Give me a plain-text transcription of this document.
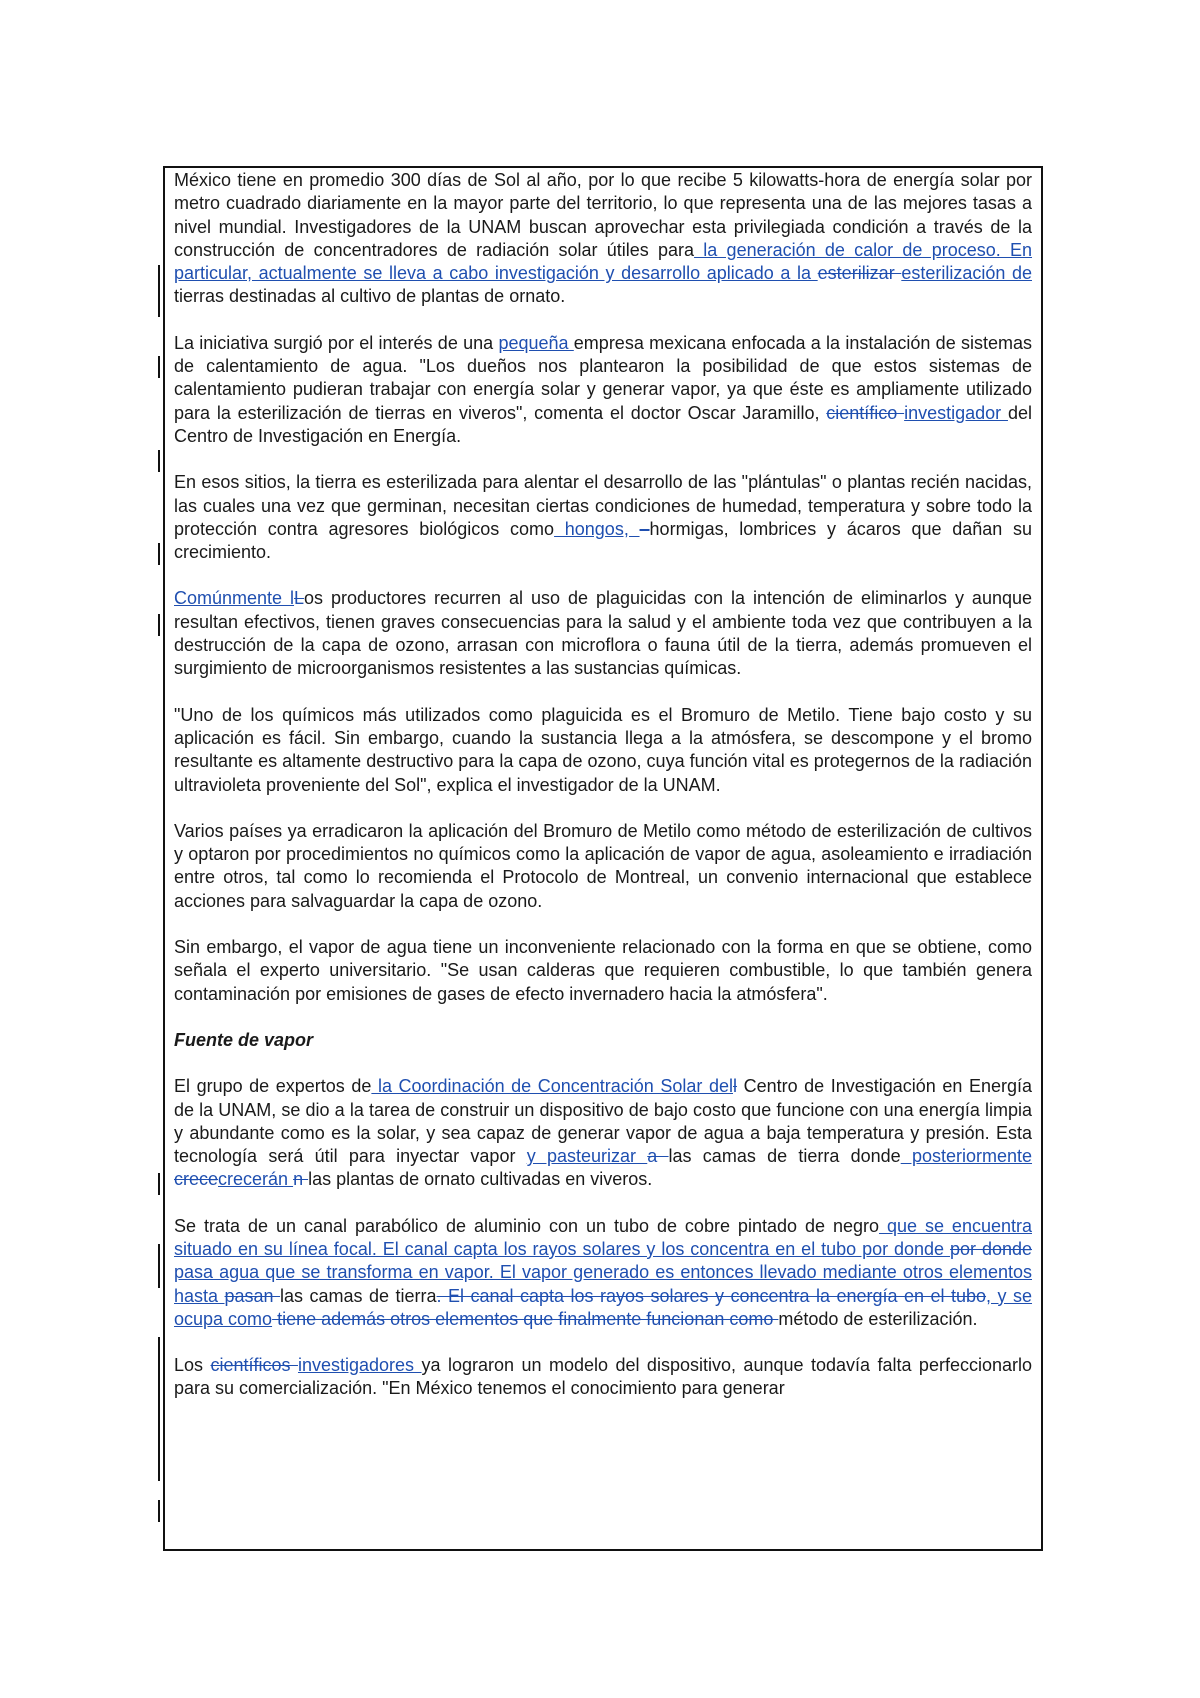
México tiene en promedio 300 días de Sol al año, por lo que recibe 5 kilowatts-hora de energía solar por metro cuadrado diariamente en la mayor parte del territorio, lo que representa una de las mejores tasas a nivel mundial. Investigadores de la UNAM buscan aprovechar esta privilegiada condición a través de la construcción de concentradores de radiación solar útiles para la generación de calor de proceso. En particular, actualmente se lleva a cabo investigación y desarrollo aplicado a la esterilizar esterilización de tierras destinadas al cultivo de plantas de ornato.

La iniciativa surgió por el interés de una pequeña empresa mexicana enfocada a la instalación de sistemas de calentamiento de agua. "Los dueños nos plantearon la posibilidad de que estos sistemas de calentamiento pudieran trabajar con energía solar y generar vapor, ya que éste es ampliamente utilizado para la esterilización de tierras en viveros", comenta el doctor Oscar Jaramillo, científico investigador del Centro de Investigación en Energía.

En esos sitios, la tierra es esterilizada para alentar el desarrollo de las "plántulas" o plantas recién nacidas, las cuales una vez que germinan, necesitan ciertas condiciones de humedad, temperatura y sobre todo la protección contra agresores biológicos como hongos, –hormigas, lombrices y ácaros que dañan su crecimiento.

Comúnmente lLos productores recurren al uso de plaguicidas con la intención de eliminarlos y aunque resultan efectivos, tienen graves consecuencias para la salud y el ambiente toda vez que contribuyen a la destrucción de la capa de ozono, arrasan con microflora o fauna útil de la tierra, además promueven el surgimiento de microorganismos resistentes a las sustancias químicas.

"Uno de los químicos más utilizados como plaguicida es el Bromuro de Metilo. Tiene bajo costo y su aplicación es fácil. Sin embargo, cuando la sustancia llega a la atmósfera, se descompone y el bromo resultante es altamente destructivo para la capa de ozono, cuya función vital es protegernos de la radiación ultravioleta proveniente del Sol", explica el investigador de la UNAM.

Varios países ya erradicaron la aplicación del Bromuro de Metilo como método de esterilización de cultivos y optaron por procedimientos no químicos como la aplicación de vapor de agua, asoleamiento e irradiación entre otros, tal como lo recomienda el Protocolo de Montreal, un convenio internacional que establece acciones para salvaguardar la capa de ozono.

Sin embargo, el vapor de agua tiene un inconveniente relacionado con la forma en que se obtiene, como señala el experto universitario. "Se usan calderas que requieren combustible, lo que también genera contaminación por emisiones de gases de efecto invernadero hacia la atmósfera".

Fuente de vapor

El grupo de expertos de la Coordinación de Concentración Solar dell Centro de Investigación en Energía de la UNAM, se dio a la tarea de construir un dispositivo de bajo costo que funcione con una energía limpia y abundante como es la solar, y sea capaz de generar vapor de agua a baja temperatura y presión. Esta tecnología será útil para inyectar vapor y pasteurizar a las camas de tierra donde posteriormente crececrecerán n las plantas de ornato cultivadas en viveros.

Se trata de un canal parabólico de aluminio con un tubo de cobre pintado de negro que se encuentra situado en su línea focal. El canal capta los rayos solares y los concentra en el tubo por donde por donde pasa agua que se transforma en vapor. El vapor generado es entonces llevado mediante otros elementos hasta pasan las camas de tierra. El canal capta los rayos solares y concentra la energía en el tubo, y se ocupa como tiene además otros elementos que finalmente funcionan como método de esterilización.

Los científicos investigadores ya lograron un modelo del dispositivo, aunque todavía falta perfeccionarlo para su comercialización. "En México tenemos el conocimiento para generar
